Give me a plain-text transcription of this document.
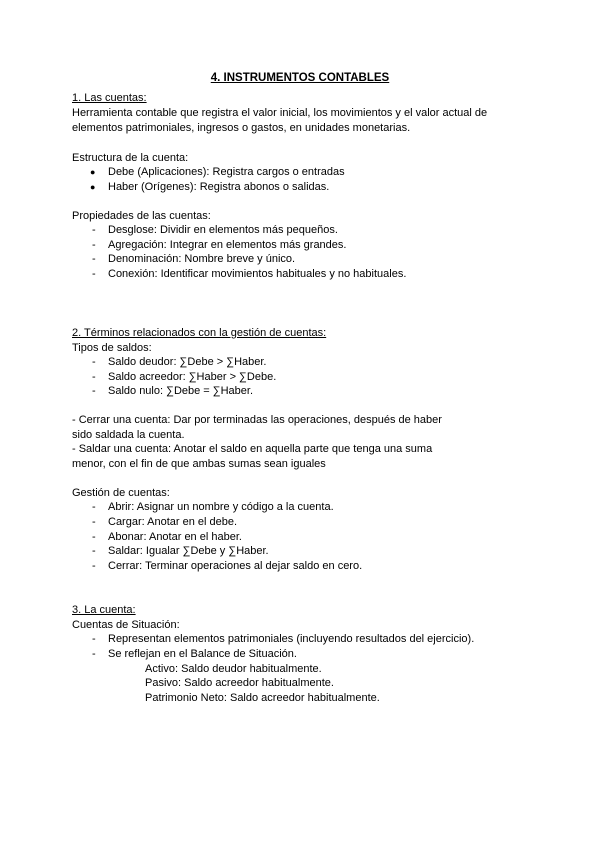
4. INSTRUMENTOS CONTABLES
1. Las cuentas:
Herramienta contable que registra el valor inicial, los movimientos y el valor actual de
elementos patrimoniales, ingresos o gastos, en unidades monetarias.
Estructura de la cuenta:
● Debe (Aplicaciones): Registra cargos o entradas
● Haber (Orígenes): Registra abonos o salidas.
Propiedades de las cuentas:
- Desglose: Dividir en elementos más pequeños.
- Agregación: Integrar en elementos más grandes.
- Denominación: Nombre breve y único.
- Conexión: Identificar movimientos habituales y no habituales.
2. Términos relacionados con la gestión de cuentas:
Tipos de saldos:
- Saldo deudor: ∑Debe > ∑Haber.
- Saldo acreedor: ∑Haber > ∑Debe.
- Saldo nulo: ∑Debe = ∑Haber.
- Cerrar una cuenta: Dar por terminadas las operaciones, después de haber
sido saldada la cuenta.
- Saldar una cuenta: Anotar el saldo en aquella parte que tenga una suma
menor, con el fin de que ambas sumas sean iguales
Gestión de cuentas:
- Abrir: Asignar un nombre y código a la cuenta.
- Cargar: Anotar en el debe.
- Abonar: Anotar en el haber.
- Saldar: Igualar ∑Debe y ∑Haber.
- Cerrar: Terminar operaciones al dejar saldo en cero.
3. La cuenta:
Cuentas de Situación:
- Representan elementos patrimoniales (incluyendo resultados del ejercicio).
- Se reflejan en el Balance de Situación.
Activo: Saldo deudor habitualmente.
Pasivo: Saldo acreedor habitualmente.
Patrimonio Neto: Saldo acreedor habitualmente.
